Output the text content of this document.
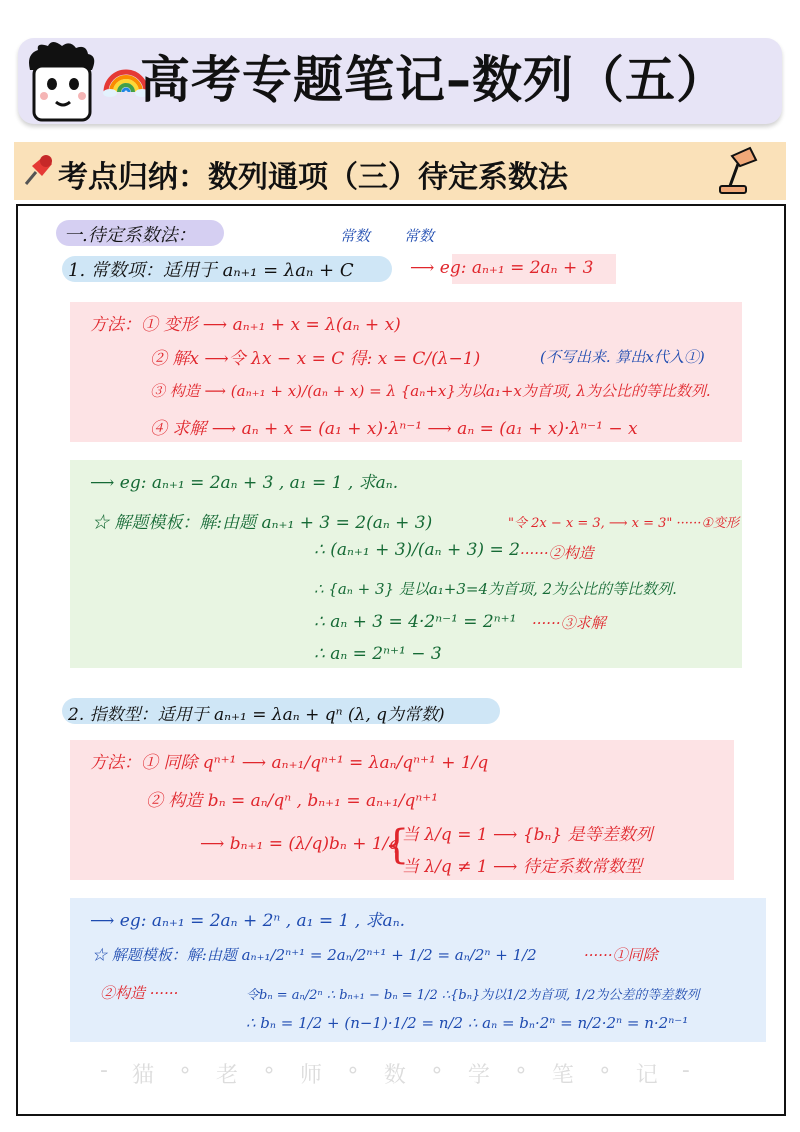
高考专题笔记–数列（五）
考点归纳：数列通项（三）待定系数法
一.待定系数法：	常数 常数
1. 常数项：适用于 aₙ₊₁ = λaₙ + C	⟶ eg: aₙ₊₁ = 2aₙ + 3
方法：① 变形 ⟶ aₙ₊₁ + x = λ(aₙ + x)
② 解x ⟶令 λx − x = C 得: x = C/(λ−1)	(不写出来. 算出x代入①)
③ 构造 ⟶ (aₙ₊₁ + x)/(aₙ + x) = λ {aₙ+x}为以a₁+x为首项, λ为公比的等比数列.
④ 求解 ⟶ aₙ + x = (a₁ + x)·λⁿ⁻¹ ⟶ aₙ = (a₁ + x)·λⁿ⁻¹ − x
⟶ eg: aₙ₊₁ = 2aₙ + 3 , a₁ = 1 , 求aₙ.
☆ 解题模板：解:由题 aₙ₊₁ + 3 = 2(aₙ + 3)	"令 2x − x = 3, ⟶ x = 3" ······①变形
∴ (aₙ₊₁ + 3)/(aₙ + 3) = 2 ······②构造
∴ {aₙ + 3} 是以a₁+3=4为首项, 2为公比的等比数列.
∴ aₙ + 3 = 4·2ⁿ⁻¹ = 2ⁿ⁺¹ ······③求解
∴ aₙ = 2ⁿ⁺¹ − 3
2. 指数型：适用于 aₙ₊₁ = λaₙ + qⁿ (λ, q为常数)
方法：① 同除 qⁿ⁺¹ ⟶ aₙ₊₁/qⁿ⁺¹ = λaₙ/qⁿ⁺¹ + 1/q
② 构造 bₙ = aₙ/qⁿ , bₙ₊₁ = aₙ₊₁/qⁿ⁺¹
⟶ bₙ₊₁ = (λ/q)bₙ + 1/q
{
当 λ/q = 1 ⟶ {bₙ} 是等差数列
当 λ/q ≠ 1 ⟶ 待定系数常数型
⟶ eg: aₙ₊₁ = 2aₙ + 2ⁿ , a₁ = 1 , 求aₙ.
☆ 解题模板：解:由题 aₙ₊₁/2ⁿ⁺¹ = 2aₙ/2ⁿ⁺¹ + 1/2 = aₙ/2ⁿ + 1/2	······①同除
②构造 ······	令bₙ = aₙ/2ⁿ ∴ bₙ₊₁ − bₙ = 1/2 ∴{bₙ}为以1/2为首项, 1/2为公差的等差数列
∴ bₙ = 1/2 + (n−1)·1/2 = n/2 ∴ aₙ = bₙ·2ⁿ = n/2·2ⁿ = n·2ⁿ⁻¹
- 猫 ∘ 老 ∘ 师 ∘ 数 ∘ 学 ∘ 笔 ∘ 记 -
